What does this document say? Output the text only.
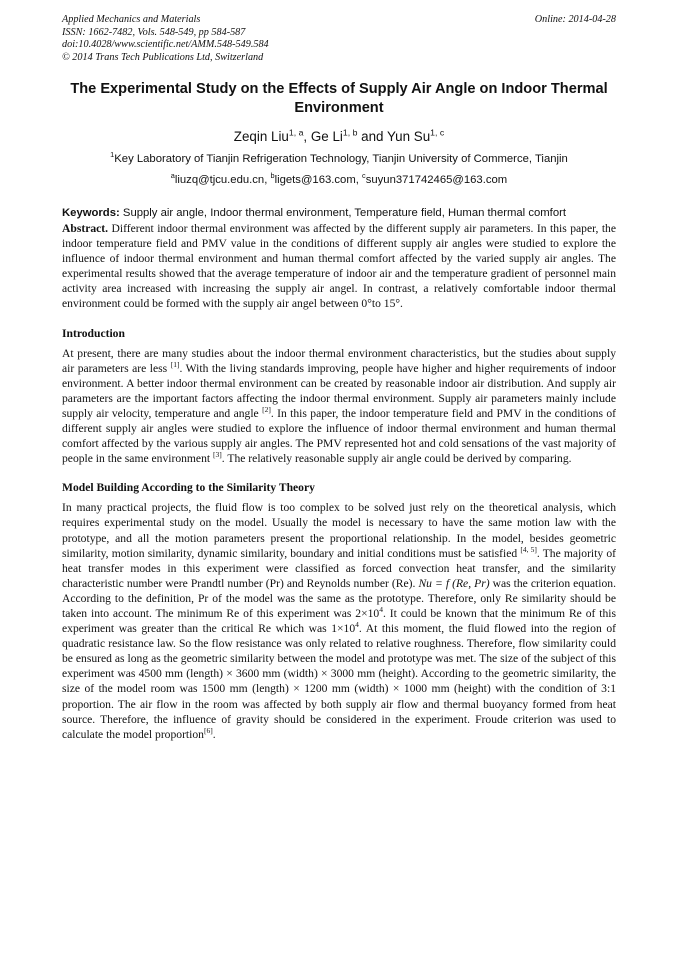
Applied Mechanics and Materials
ISSN: 1662-7482, Vols. 548-549, pp 584-587
doi:10.4028/www.scientific.net/AMM.548-549.584
© 2014 Trans Tech Publications Ltd, Switzerland
Online: 2014-04-28
The Experimental Study on the Effects of Supply Air Angle on Indoor Thermal Environment
Zeqin Liu$^{1, a}$, Ge Li$^{1, b}$ and Yun Su$^{1, c}$
$^1$Key Laboratory of Tianjin Refrigeration Technology, Tianjin University of Commerce, Tianjin
$^a$liuzq@tjcu.edu.cn, $^b$ligets@163.com, $^c$suyun371742465@163.com
Keywords: Supply air angle, Indoor thermal environment, Temperature field, Human thermal comfort

Abstract. Different indoor thermal environment was affected by the different supply air parameters. In this paper, the indoor temperature field and PMV value in the conditions of different supply air angles were studied to explore the influence of indoor thermal environment and human thermal comfort affected by the varied supply air angles. The experimental results showed that the average temperature of indoor air and the temperature gradient of personnel main activity area increased with increasing the supply air angel. In contrast, a relatively comfortable indoor thermal environment could be formed with the supply air angel between 0°to 15°.

Introduction

At present, there are many studies about the indoor thermal environment characteristics, but the studies about supply air parameters are less [1]. With the living standards improving, people have higher and higher requirements of indoor environment. A better indoor thermal environment can be created by reasonable indoor air distribution. And supply air parameters are the important factors affecting the indoor thermal environment. Supply air parameters mainly include supply air velocity, temperature and angle [2]. In this paper, the indoor temperature field and PMV in the conditions of different supply air angles were studied to explore the influence of indoor thermal environment and human thermal comfort affected by the various supply air angles. The PMV represented hot and cold sensations of the vast majority of people in the same environment [3]. The relatively reasonable supply air angle could be derived by comparing.

Model Building According to the Similarity Theory

In many practical projects, the fluid flow is too complex to be solved just rely on the theoretical analysis, which requires experimental study on the model. Usually the model is necessary to have the same motion law with the prototype, and all the motion parameters present the proportional relationship. In the model, besides geometric similarity, motion similarity, dynamic similarity, boundary and initial conditions must be satisfied [4, 5]. The majority of heat transfer modes in this experiment were classified as forced convection heat transfer, and the similarity characteristic number were Prandtl number (Pr) and Reynolds number (Re). Nu = f (Re, Pr) was the criterion equation. According to the definition, Pr of the model was the same as the prototype. Therefore, only Re similarity should be taken into account. The minimum Re of this experiment was $2\times 10^4$. It could be known that the minimum Re of this experiment was greater than the critical Re which was $1\times 10^4$. At this moment, the fluid flowed into the region of quadratic resistance law. So the flow resistance was only related to relative roughness. Therefore, flow similarity could be ensured as long as the geometric similarity between the model and prototype was met. The size of the subject of this experiment was 4500 mm (length) × 3600 mm (width) × 3000 mm (height). According to the geometric similarity, the size of the model room was 1500 mm (length) × 1200 mm (width) × 1000 mm (height) with the condition of 3:1 proportion. The air flow in the room was affected by both supply air flow and thermal buoyancy formed from heat source. Therefore, the influence of gravity should be considered in the experiment. Froude criterion was used to calculate the model proportion[6].
